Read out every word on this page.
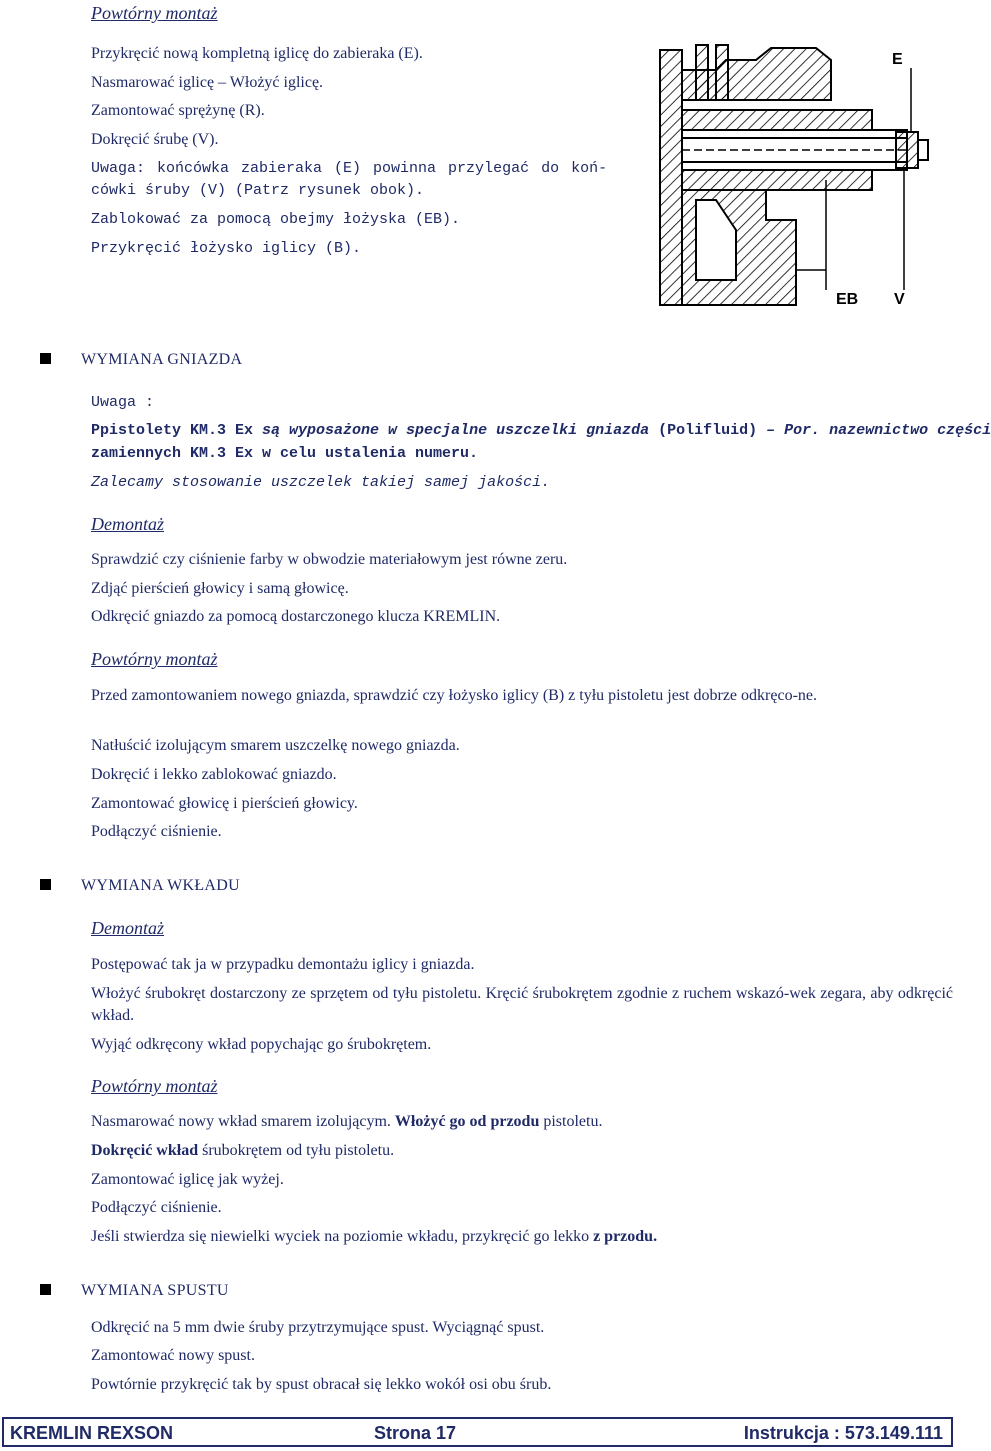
Powtórny montaż
Przykręcić nową kompletną iglicę do zabieraka (E).
Nasmarować iglicę – Włożyć iglicę.
Zamontować sprężynę (R).
Dokręcić śrubę (V).
Uwaga: końcówka zabieraka (E) powinna przylegać do koń-
cówki śruby (V) (Patrz rysunek obok).
Zablokować za pomocą obejmy łożyska (EB).
Przykręcić łożysko iglicy (B).
E
EB V
WYMIANA GNIAZDA
Uwaga :
Ppistolety KM.3 Ex są wyposażone w specjalne uszczelki gniazda (Polifluid) – Por. nazewnictwo części
zamiennych KM.3 Ex w celu ustalenia numeru.
Zalecamy stosowanie uszczelek takiej samej jakości.
Demontaż
Sprawdzić czy ciśnienie farby w obwodzie materiałowym jest równe zeru.
Zdjąć pierścień głowicy i samą głowicę.
Odkręcić gniazdo za pomocą dostarczonego klucza KREMLIN.
Powtórny montaż
Przed zamontowaniem nowego gniazda, sprawdzić czy łożysko iglicy (B) z tyłu pistoletu jest dobrze odkręco-ne.
Natłuścić izolującym smarem uszczelkę nowego gniazda.
Dokręcić i lekko zablokować gniazdo.
Zamontować głowicę i pierścień głowicy.
Podłączyć ciśnienie.
WYMIANA WKŁADU
Demontaż
Postępować tak ja w przypadku demontażu iglicy i gniazda.
Włożyć śrubokręt dostarczony ze sprzętem od tyłu pistoletu. Kręcić śrubokrętem zgodnie z ruchem wskazó-wek zegara, aby odkręcić wkład.
Wyjąć odkręcony wkład popychając go śrubokrętem.
Powtórny montaż
Nasmarować nowy wkład smarem izolującym. Włożyć go od przodu pistoletu.
Dokręcić wkład śrubokrętem od tyłu pistoletu.
Zamontować iglicę jak wyżej.
Podłączyć ciśnienie.
Jeśli stwierdza się niewielki wyciek na poziomie wkładu, przykręcić go lekko z przodu.
WYMIANA SPUSTU
Odkręcić na 5 mm dwie śruby przytrzymujące spust. Wyciągnąć spust.
Zamontować nowy spust.
Powtórnie przykręcić tak by spust obracał się lekko wokół osi obu śrub.
KREMLIN REXSON	Strona 17	Instrukcja : 573.149.111
